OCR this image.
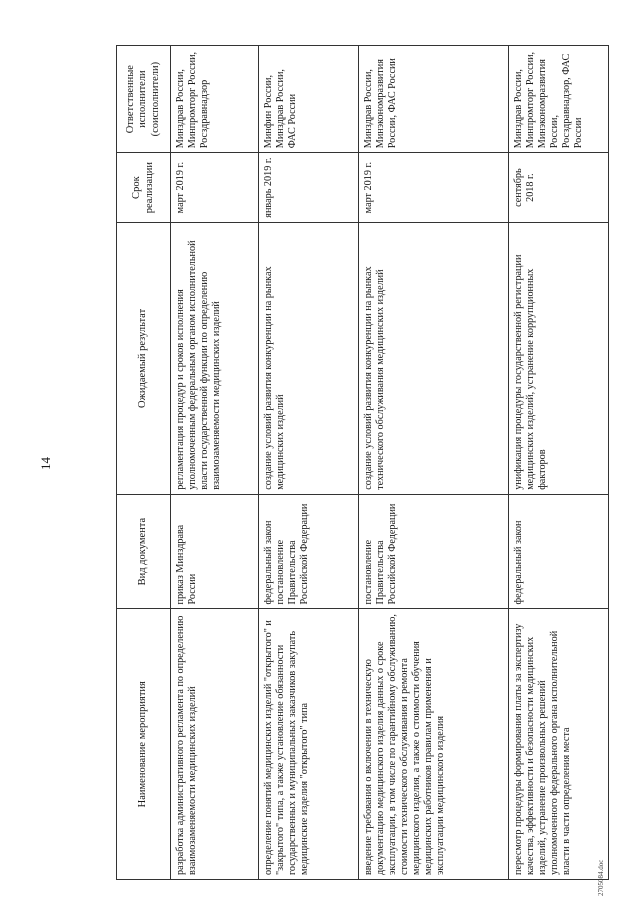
14
2705084.doc
Наименование мероприятия	Вид документа	Ожидаемый результат	Срок реализации	Ответственные исполнители (соисполнители)
разработка административного регламента по определению взаимозаменяемости медицинских изделий	приказ Минздрава России	регламентация процедур и сроков исполнения уполномоченным федеральным органом исполнительной власти государственной функции по определению взаимозаменяемости медицинских изделий	март 2019 г.	Минздрав России, Минпромторг России, Росздравнадзор
определение понятий медицинских изделий "открытого" и "закрытого" типа, а также установление обязанности государственных и муниципальных заказчиков закупать медицинские изделия "открытого" типа	федеральный закон постановление Правительства Российской Федерации	создание условий развития конкуренции на рынках медицинских изделий	январь 2019 г.	Минфин России, Минздрав России, ФАС России
введение требования о включении в техническую документацию медицинского изделия данных о сроке эксплуатации, в том числе по гарантийному обслуживанию, стоимости технического обслуживания и ремонта медицинского изделия, а также о стоимости обучения медицинских работников правилам применения и эксплуатации медицинского изделия	постановление Правительства Российской Федерации	создание условий развития конкуренции на рынках технического обслуживания медицинских изделий	март 2019 г.	Минздрав России, Минэкономразвития России, ФАС России
пересмотр процедуры формирования платы за экспертизу качества, эффективности и безопасности медицинских изделий, устранение произвольных решений уполномоченного федерального органа исполнительной власти в части определения места	федеральный закон	унификация процедуры государственной регистрации медицинских изделий, устранение коррупционных факторов	сентябрь 2018 г.	Минздрав России, Минпромторг России, Минэкономразвития России, Росздравнадзор, ФАС России
